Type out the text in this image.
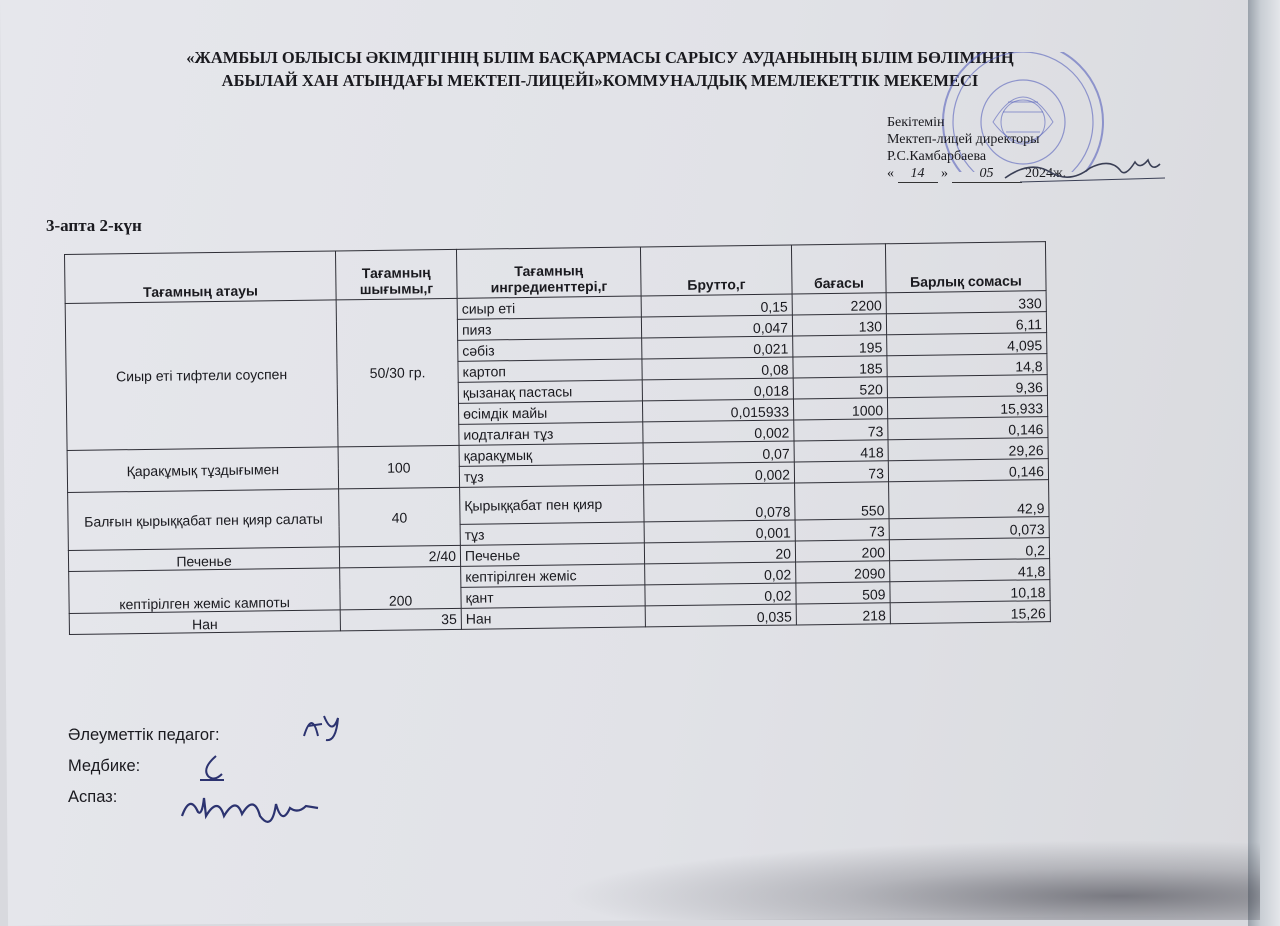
«ЖАМБЫЛ ОБЛЫСЫ ӘКІМДІГІНІҢ БІЛІМ БАСҚАРМАСЫ САРЫСУ АУДАНЫНЫҢ БІЛІМ БӨЛІМІНІҢ
АБЫЛАЙ ХАН АТЫНДАҒЫ МЕКТЕП-ЛИЦЕЙІ»КОММУНАЛДЫҚ МЕМЛЕКЕТТІК МЕКЕМЕСІ
Бекітемін
Мектеп-лицей директоры
Р.С.Камбарбаева
« 14 » 05 2024ж.
3-апта 2-күн
Тағамның атауы	Тағамның шығымы,г	Тағамның ингредиенттері,г	Брутто,г	бағасы	Барлық сомасы
Сиыр еті тифтели соуспен	50/30 гр.	сиыр еті	0,15	2200	330
		пияз	0,047	130	6,11
		сәбіз	0,021	195	4,095
		картоп	0,08	185	14,8
		қызанақ пастасы	0,018	520	9,36
		өсімдік майы	0,015933	1000	15,933
		иодталған тұз	0,002	73	0,146
Қаракұмық тұздығымен	100	қаракұмық	0,07	418	29,26
		тұз	0,002	73	0,146
Балғын қырыққабат пен қияр салаты	40	Қырыққабат пен қияр	0,078	550	42,9
		тұз	0,001	73	0,073
Печенье	2/40	Печенье	20	200	0,2
кептірілген жеміс кампоты	200	кептірілген жеміс	0,02	2090	41,8
		қант	0,02	509	10,18
Нан	35	Нан	0,035	218	15,26
Әлеуметтік педагог:
Медбике:
Аспаз:
